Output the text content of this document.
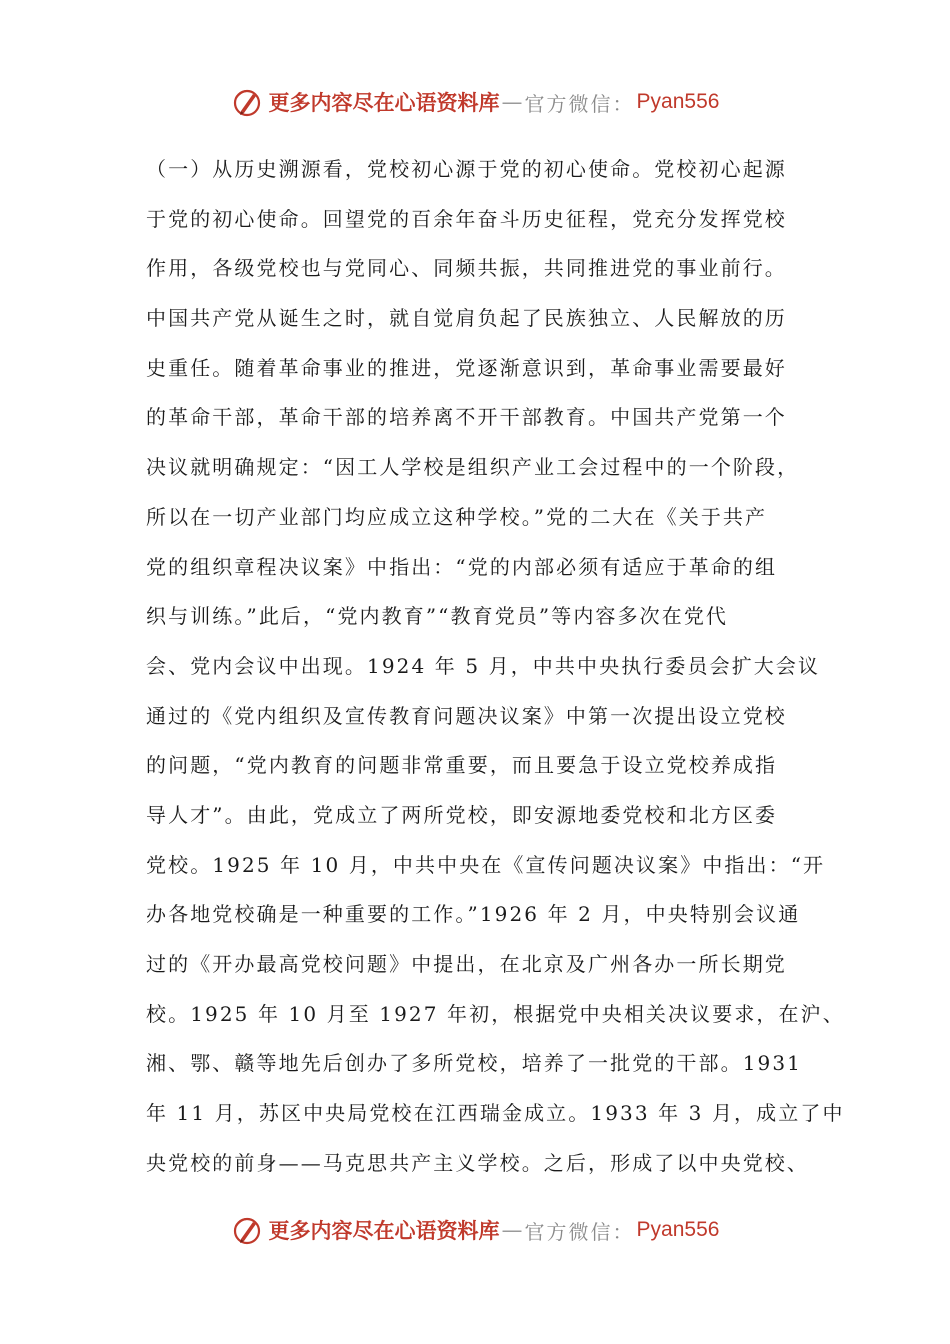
更多内容尽在心语资料库 — 官方微信： Pyan556
（一）从历史溯源看，党校初心源于党的初心使命。党校初心起源
于党的初心使命。回望党的百余年奋斗历史征程，党充分发挥党校
作用，各级党校也与党同心、同频共振，共同推进党的事业前行。
中国共产党从诞生之时，就自觉肩负起了民族独立、人民解放的历
史重任。随着革命事业的推进，党逐渐意识到，革命事业需要最好
的革命干部，革命干部的培养离不开干部教育。中国共产党第一个
决议就明确规定：“因工人学校是组织产业工会过程中的一个阶段，
所以在一切产业部门均应成立这种学校。”党的二大在《关于共产
党的组织章程决议案》中指出：“党的内部必须有适应于革命的组
织与训练。”此后，“党内教育”“教育党员”等内容多次在党代
会、党内会议中出现。1924 年 5 月，中共中央执行委员会扩大会议
通过的《党内组织及宣传教育问题决议案》中第一次提出设立党校
的问题，“党内教育的问题非常重要，而且要急于设立党校养成指
导人才”。由此，党成立了两所党校，即安源地委党校和北方区委
党校。1925 年 10 月，中共中央在《宣传问题决议案》中指出：“开
办各地党校确是一种重要的工作。”1926 年 2 月，中央特别会议通
过的《开办最高党校问题》中提出，在北京及广州各办一所长期党
校。1925 年 10 月至 1927 年初，根据党中央相关决议要求，在沪、
湘、鄂、赣等地先后创办了多所党校，培养了一批党的干部。1931
年 11 月，苏区中央局党校在江西瑞金成立。1933 年 3 月，成立了中
央党校的前身——马克思共产主义学校。之后，形成了以中央党校、
更多内容尽在心语资料库 — 官方微信： Pyan556
